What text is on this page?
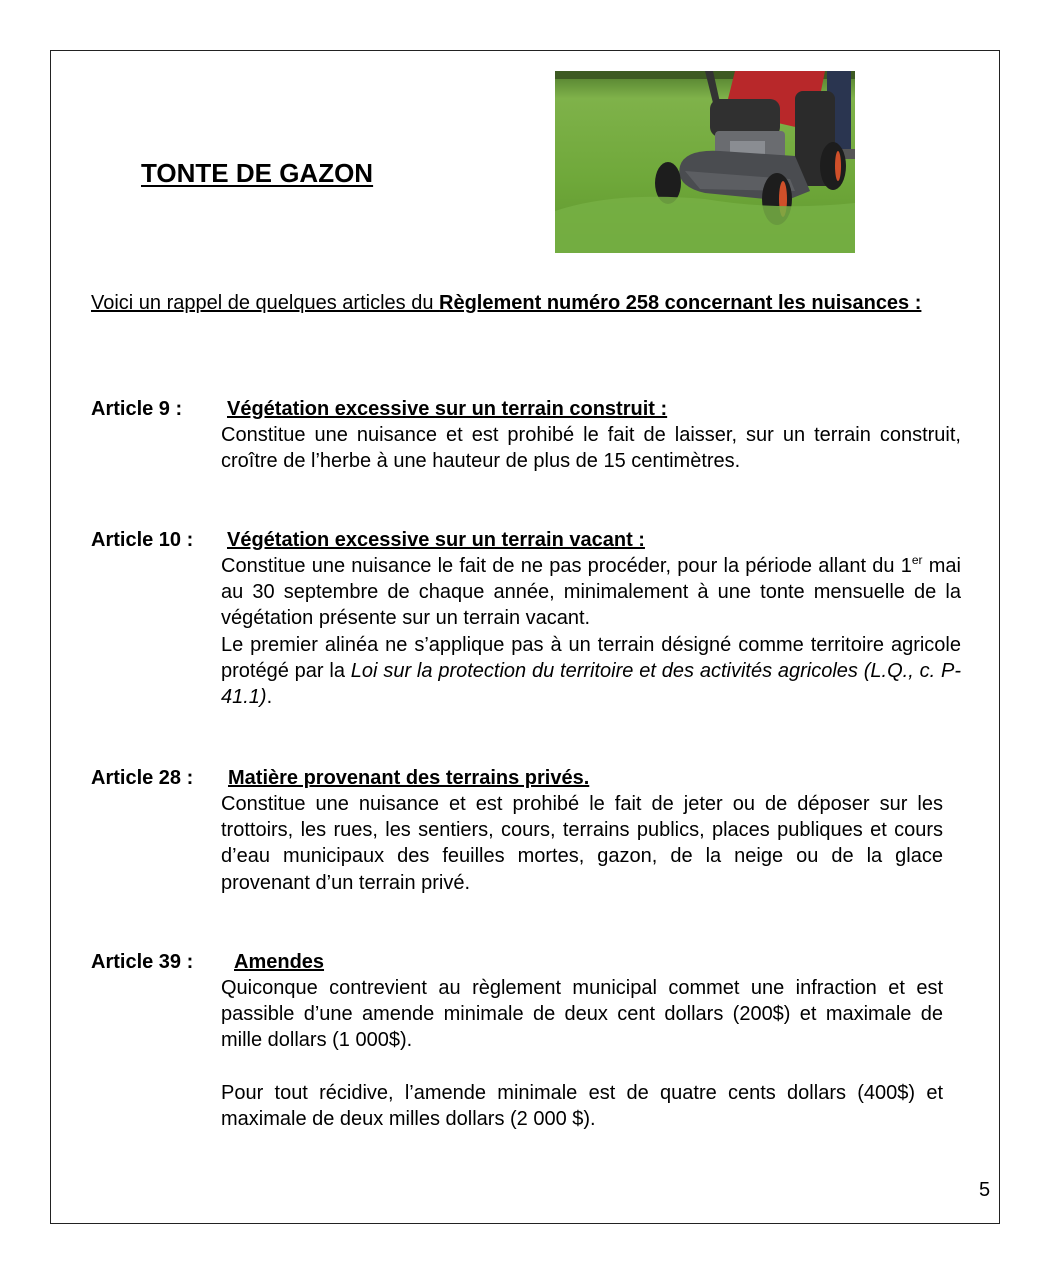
TONTE DE GAZON
Voici un rappel de quelques articles du Règlement numéro 258 concernant les nuisances :
Article 9 : Végétation excessive sur un terrain construit :

Constitue une nuisance et est prohibé le fait de laisser, sur un terrain construit, croître de l’herbe à une hauteur de plus de 15 centimètres.

Article 10 : Végétation excessive sur un terrain vacant :

Constitue une nuisance le fait de ne pas procéder, pour la période allant du 1er mai au 30 septembre de chaque année, minimalement à une tonte mensuelle de la végétation présente sur un terrain vacant.

Le premier alinéa ne s’applique pas à un terrain désigné comme territoire agricole protégé par la Loi sur la protection du territoire et des activités agricoles (L.Q., c. P-41.1).

Article 28 : Matière provenant des terrains privés.

Constitue une nuisance et est prohibé le fait de jeter ou de déposer sur les trottoirs, les rues, les sentiers, cours, terrains publics, places publiques et cours d’eau municipaux des feuilles mortes, gazon, de la neige ou de la glace provenant d’un terrain privé.

Article 39 : Amendes

Quiconque contrevient au règlement municipal commet une infraction et est passible d’une amende minimale de deux cent dollars (200$) et maximale de mille dollars (1 000$).

Pour tout récidive, l’amende minimale est de quatre cents dollars (400$) et maximale de deux milles dollars (2 000 $).

5
